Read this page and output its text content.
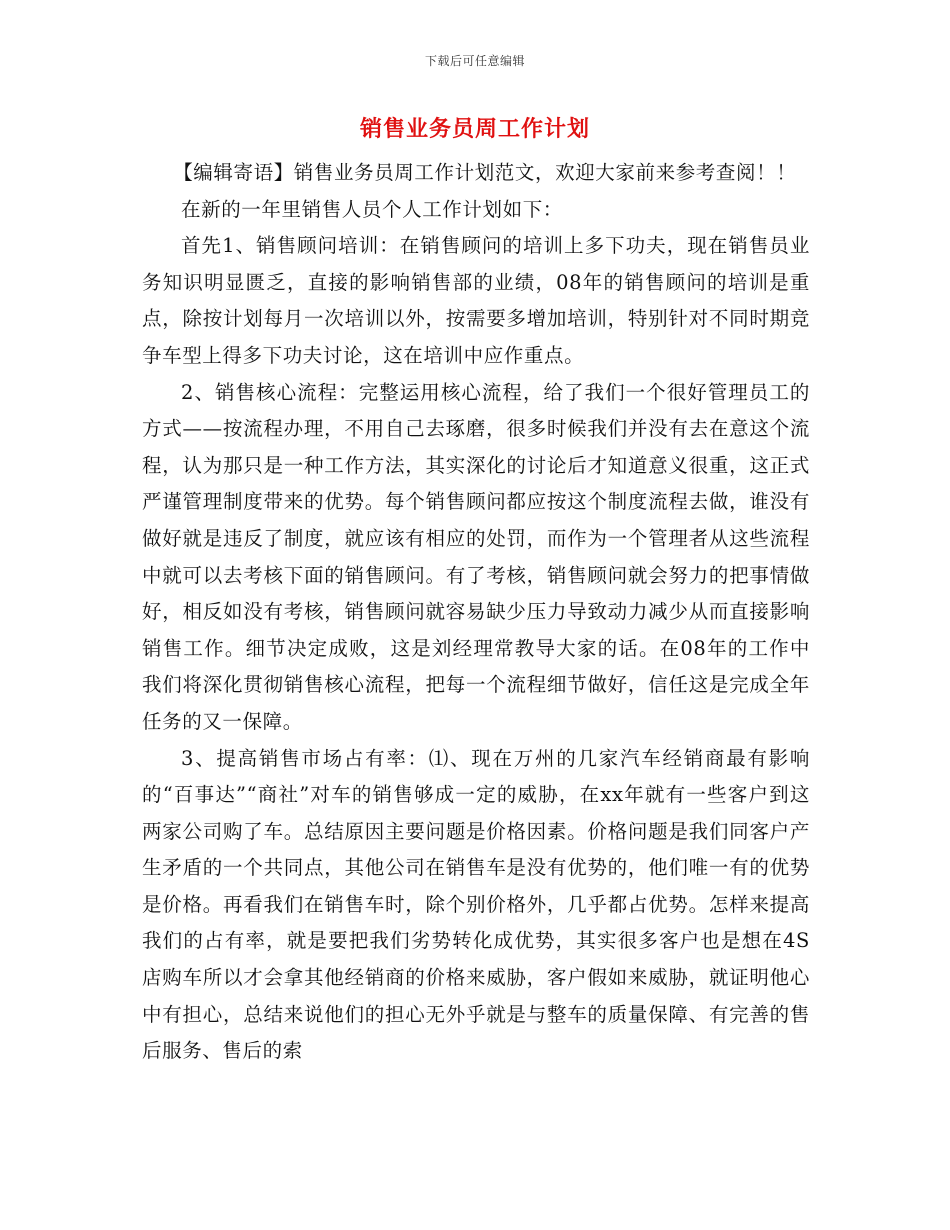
下载后可任意编辑
销售业务员周工作计划

【编辑寄语】销售业务员周工作计划范文，欢迎大家前来参考查阅！！

在新的一年里销售人员个人工作计划如下：

首先1、销售顾问培训：在销售顾问的培训上多下功夫，现在销售员业务知识明显匮乏，直接的影响销售部的业绩，08年的销售顾问的培训是重点，除按计划每月一次培训以外，按需要多增加培训，特别针对不同时期竞争车型上得多下功夫讨论，这在培训中应作重点。

2、销售核心流程：完整运用核心流程，给了我们一个很好管理员工的方式——按流程办理，不用自己去琢磨，很多时候我们并没有去在意这个流程，认为那只是一种工作方法，其实深化的讨论后才知道意义很重，这正式严谨管理制度带来的优势。每个销售顾问都应按这个制度流程去做，谁没有做好就是违反了制度，就应该有相应的处罚，而作为一个管理者从这些流程中就可以去考核下面的销售顾问。有了考核，销售顾问就会努力的把事情做好，相反如没有考核，销售顾问就容易缺少压力导致动力减少从而直接影响销售工作。细节决定成败，这是刘经理常教导大家的话。在08年的工作中我们将深化贯彻销售核心流程，把每一个流程细节做好，信任这是完成全年任务的又一保障。

3、提高销售市场占有率：⑴、现在万州的几家汽车经销商最有影响的“百事达”“商社”对车的销售够成一定的威胁，在xx年就有一些客户到这两家公司购了车。总结原因主要问题是价格因素。价格问题是我们同客户产生矛盾的一个共同点，其他公司在销售车是没有优势的，他们唯一有的优势是价格。再看我们在销售车时，除个别价格外，几乎都占优势。怎样来提高我们的占有率，就是要把我们劣势转化成优势，其实很多客户也是想在4S店购车所以才会拿其他经销商的价格来威胁，客户假如来威胁，就证明他心中有担心，总结来说他们的担心无外乎就是与整车的质量保障、有完善的售后服务、售后的索
